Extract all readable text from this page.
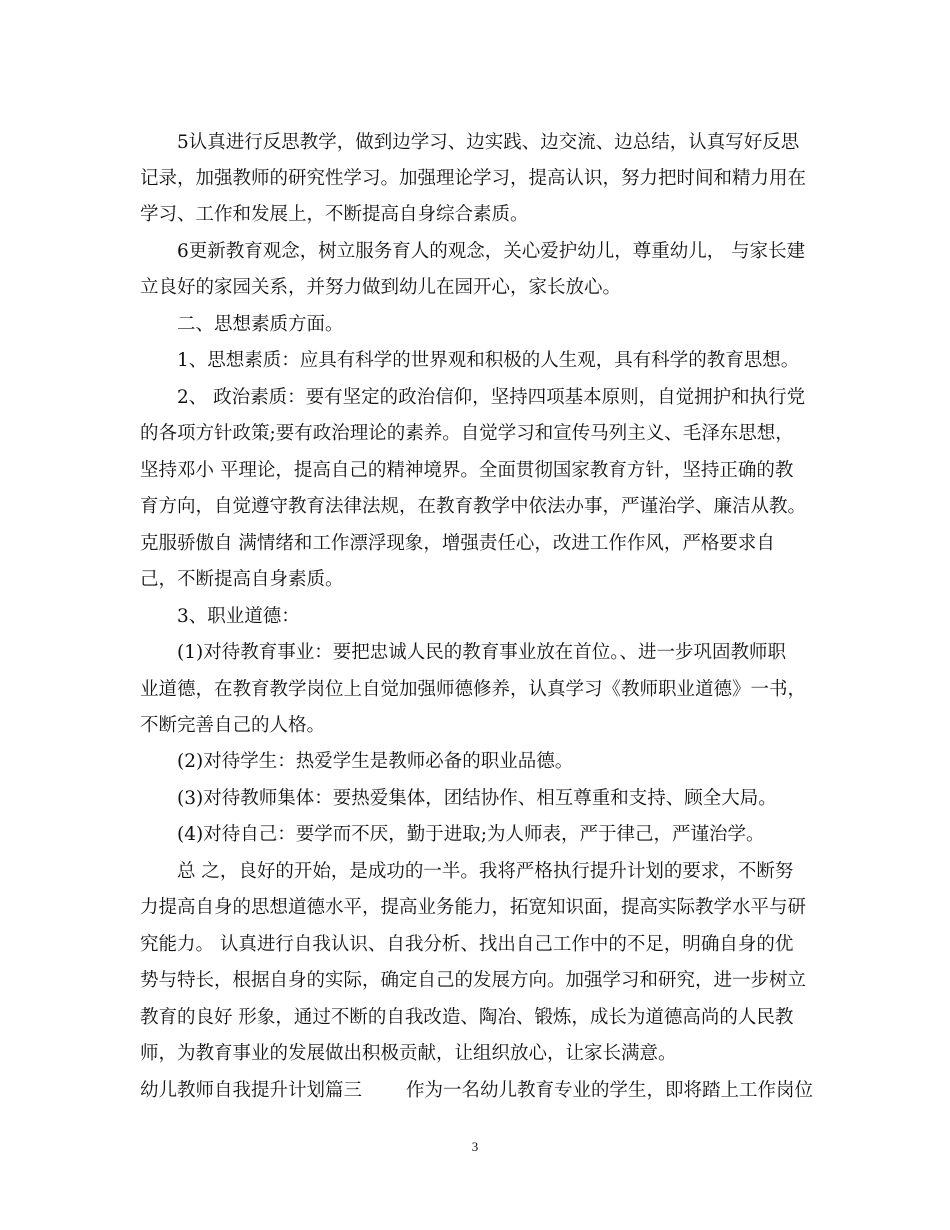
5认真进行反思教学，做到边学习、边实践、边交流、边总结，认真写好反思
记录，加强教师的研究性学习。加强理论学习，提高认识，努力把时间和精力用在
学习、工作和发展上，不断提高自身综合素质。
6更新教育观念，树立服务育人的观念，关心爱护幼儿，尊重幼儿， 与家长建
立良好的家园关系，并努力做到幼儿在园开心，家长放心。
二、思想素质方面。
1、思想素质：应具有科学的世界观和积极的人生观，具有科学的教育思想。
2、 政治素质：要有坚定的政治信仰，坚持四项基本原则，自觉拥护和执行党
的各项方针政策;要有政治理论的素养。自觉学习和宣传马列主义、毛泽东思想，
坚持邓小 平理论，提高自己的精神境界。全面贯彻国家教育方针，坚持正确的教
育方向，自觉遵守教育法律法规，在教育教学中依法办事，严谨治学、廉洁从教。
克服骄傲自 满情绪和工作漂浮现象，增强责任心，改进工作作风，严格要求自
己，不断提高自身素质。
3、职业道德：
(1)对待教育事业：要把忠诚人民的教育事业放在首位。、进一步巩固教师职
业道德，在教育教学岗位上自觉加强师德修养，认真学习《教师职业道德》一书，
不断完善自己的人格。
(2)对待学生：热爱学生是教师必备的职业品德。
(3)对待教师集体：要热爱集体，团结协作、相互尊重和支持、顾全大局。
(4)对待自己：要学而不厌，勤于进取;为人师表，严于律己，严谨治学。
总 之，良好的开始，是成功的一半。我将严格执行提升计划的要求，不断努
力提高自身的思想道德水平，提高业务能力，拓宽知识面，提高实际教学水平与研
究能力。 认真进行自我认识、自我分析、找出自己工作中的不足，明确自身的优
势与特长，根据自身的实际，确定自己的发展方向。加强学习和研究，进一步树立
教育的良好 形象，通过不断的自我改造、陶冶、锻炼，成长为道德高尚的人民教
师，为教育事业的发展做出积极贡献，让组织放心，让家长满意。
幼儿教师自我提升计划篇三 作为一名幼儿教育专业的学生，即将踏上工作岗位
3
